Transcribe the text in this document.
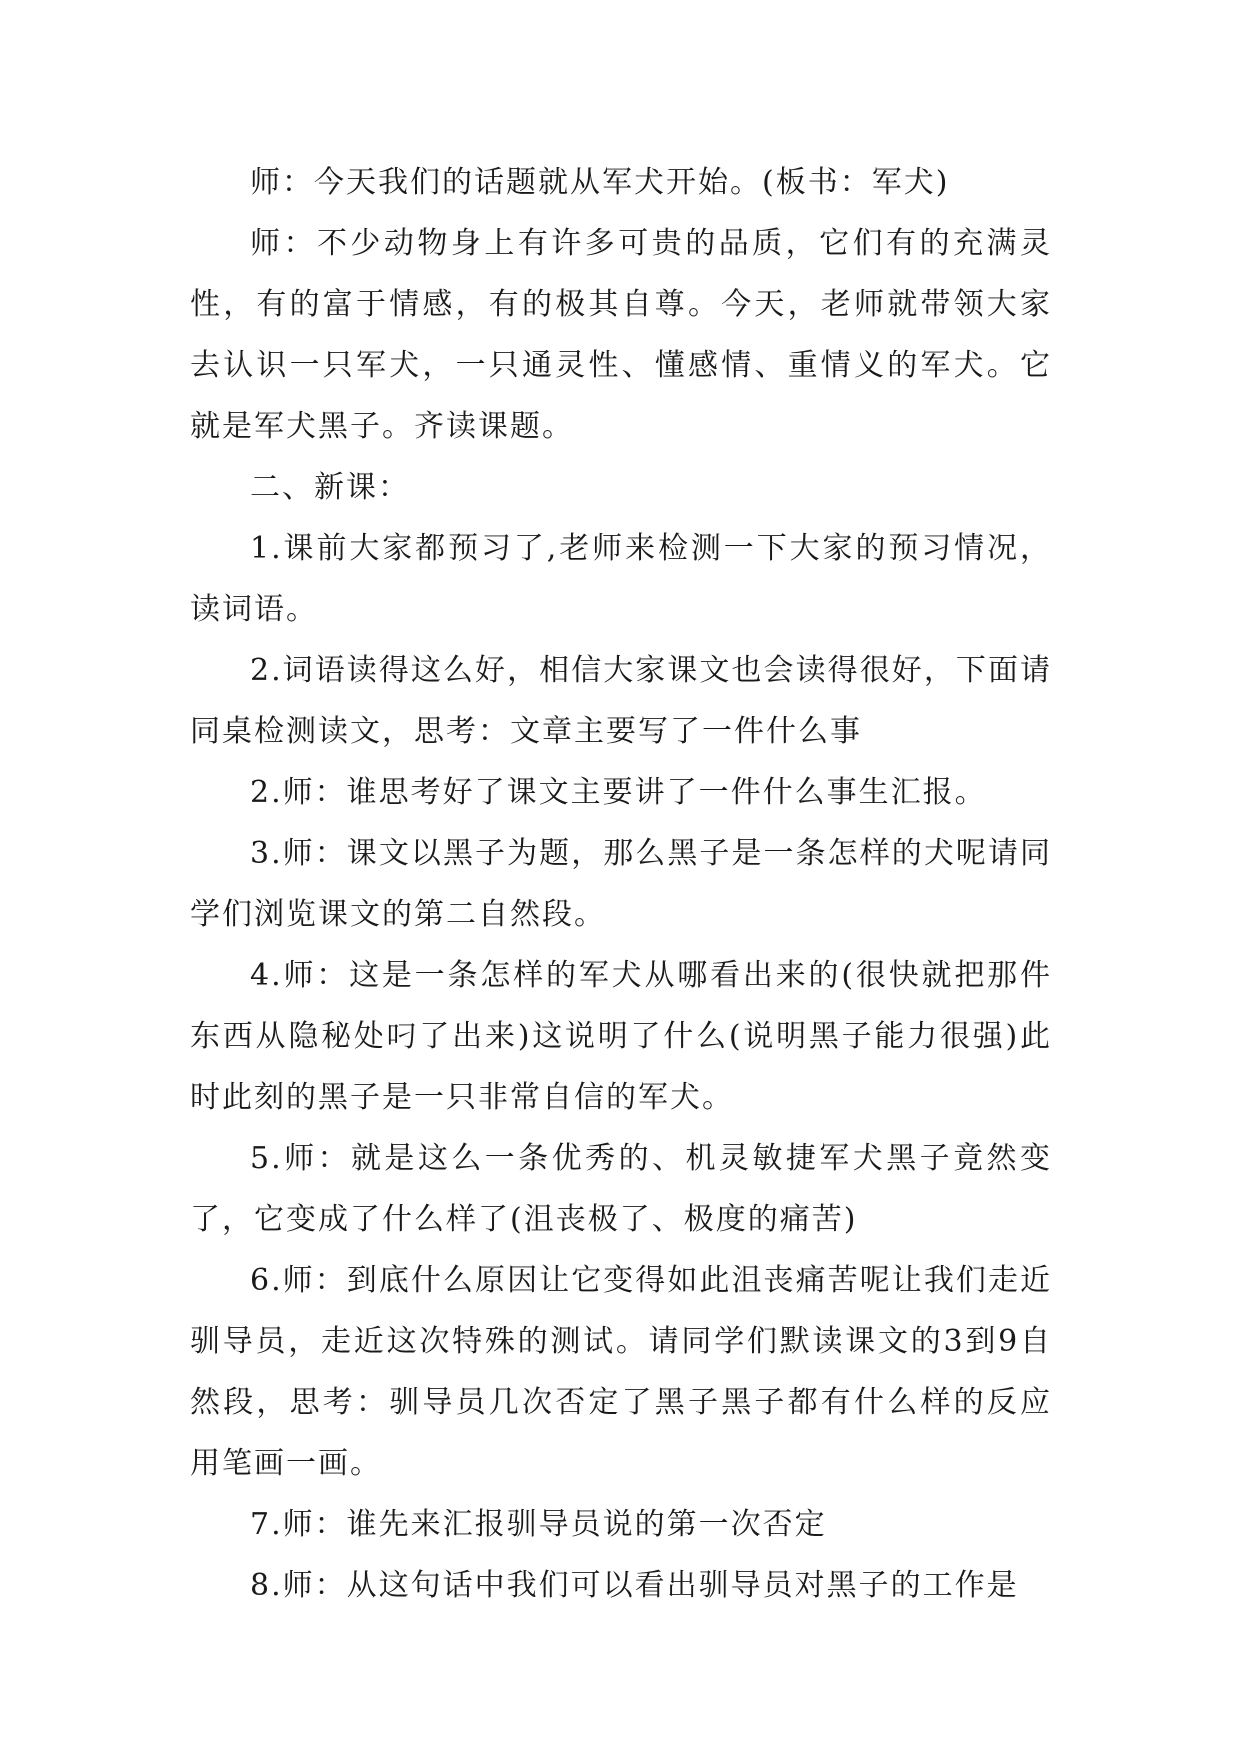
师：今天我们的话题就从军犬开始。(板书：军犬)

师：不少动物身上有许多可贵的品质，它们有的充满灵性，有的富于情感，有的极其自尊。今天，老师就带领大家去认识一只军犬，一只通灵性、懂感情、重情义的军犬。它就是军犬黑子。齐读课题。

二、新课：

1.课前大家都预习了,老师来检测一下大家的预习情况，读词语。

2.词语读得这么好，相信大家课文也会读得很好，下面请同桌检测读文，思考：文章主要写了一件什么事

2.师：谁思考好了课文主要讲了一件什么事生汇报。

3.师：课文以黑子为题，那么黑子是一条怎样的犬呢请同学们浏览课文的第二自然段。

4.师：这是一条怎样的军犬从哪看出来的(很快就把那件东西从隐秘处叼了出来)这说明了什么(说明黑子能力很强)此时此刻的黑子是一只非常自信的军犬。

5.师：就是这么一条优秀的、机灵敏捷军犬黑子竟然变了，它变成了什么样了(沮丧极了、极度的痛苦)

6.师：到底什么原因让它变得如此沮丧痛苦呢让我们走近驯导员，走近这次特殊的测试。请同学们默读课文的3到9自然段，思考：驯导员几次否定了黑子黑子都有什么样的反应用笔画一画。

7.师：谁先来汇报驯导员说的第一次否定

8.师：从这句话中我们可以看出驯导员对黑子的工作是
